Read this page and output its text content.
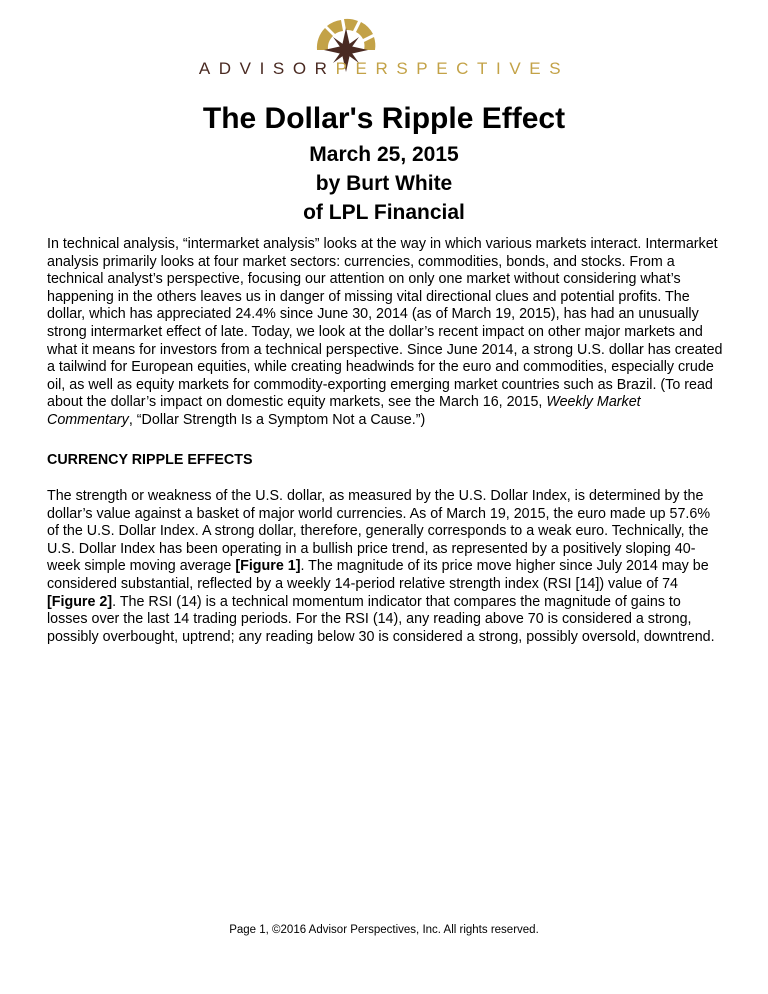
ADVISORPERSPECTIVES
The Dollar's Ripple Effect
March 25, 2015
by Burt White
of LPL Financial

In technical analysis, “intermarket analysis” looks at the way in which various markets interact. Intermarket analysis primarily looks at four market sectors: currencies, commodities, bonds, and stocks. From a technical analyst’s perspective, focusing our attention on only one market without considering what’s happening in the others leaves us in danger of missing vital directional clues and potential profits. The dollar, which has appreciated 24.4% since June 30, 2014 (as of March 19, 2015), has had an unusually strong intermarket effect of late. Today, we look at the dollar’s recent impact on other major markets and what it means for investors from a technical perspective. Since June 2014, a strong U.S. dollar has created a tailwind for European equities, while creating headwinds for the euro and commodities, especially crude oil, as well as equity markets for commodity-exporting emerging market countries such as Brazil. (To read about the dollar’s impact on domestic equity markets, see the March 16, 2015, Weekly Market Commentary, “Dollar Strength Is a Symptom Not a Cause.”)

CURRENCY RIPPLE EFFECTS

The strength or weakness of the U.S. dollar, as measured by the U.S. Dollar Index, is determined by the dollar’s value against a basket of major world currencies. As of March 19, 2015, the euro made up 57.6% of the U.S. Dollar Index. A strong dollar, therefore, generally corresponds to a weak euro. Technically, the U.S. Dollar Index has been operating in a bullish price trend, as represented by a positively sloping 40-week simple moving average [Figure 1]. The magnitude of its price move higher since July 2014 may be considered substantial, reflected by a weekly 14-period relative strength index (RSI [14]) value of 74 [Figure 2]. The RSI (14) is a technical momentum indicator that compares the magnitude of gains to losses over the last 14 trading periods. For the RSI (14), any reading above 70 is considered a strong, possibly overbought, uptrend; any reading below 30 is considered a strong, possibly oversold, downtrend.

Page 1, ©2016 Advisor Perspectives, Inc. All rights reserved.
